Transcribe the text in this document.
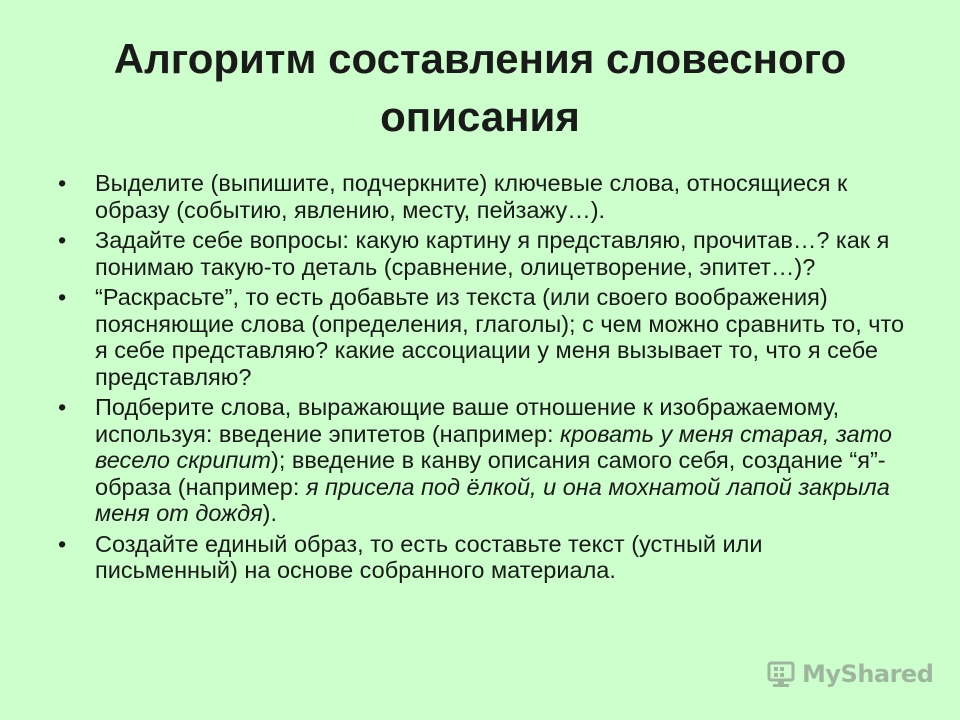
Алгоритм составления словесного описания
• Выделите (выпишите, подчеркните) ключевые слова, относящиеся к образу (событию, явлению, месту, пейзажу…).
• Задайте себе вопросы: какую картину я представляю, прочитав…? как я понимаю такую-то деталь (сравнение, олицетворение, эпитет…)?
• “Раскрасьте”, то есть добавьте из текста (или своего воображения) поясняющие слова (определения, глаголы); с чем можно сравнить то, что я себе представляю? какие ассоциации у меня вызывает то, что я себе представляю?
• Подберите слова, выражающие ваше отношение к изображаемому, используя: введение эпитетов (например: кровать у меня старая, зато весело скрипит); введение в канву описания самого себя, создание “я”- образа (например: я присела под ёлкой, и она мохнатой лапой закрыла меня от дождя).
• Создайте единый образ, то есть составьте текст (устный или письменный) на основе собранного материала.
MyShared
